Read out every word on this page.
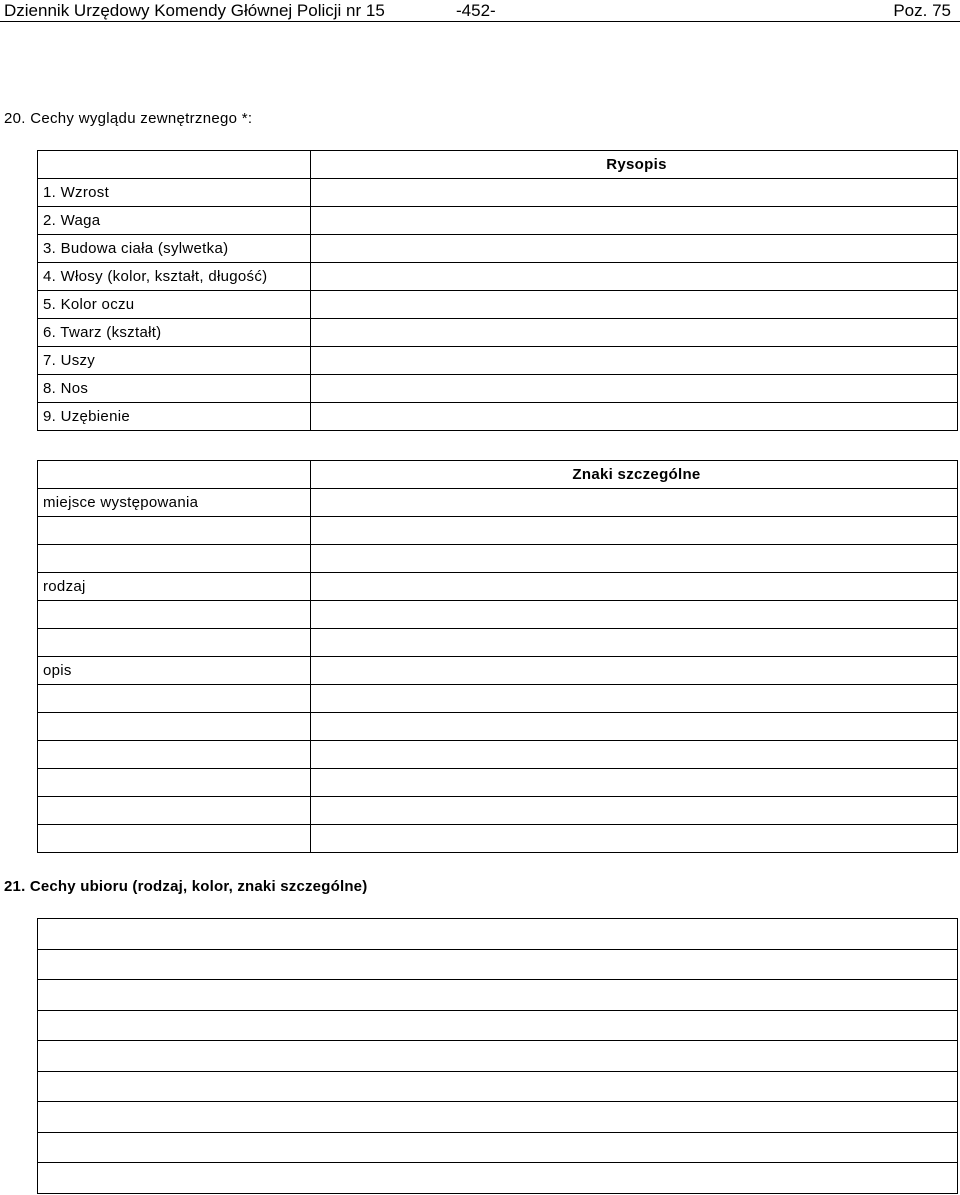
Dziennik Urzędowy Komendy Głównej Policji nr 15	-452-	Poz. 75
20. Cechy wyglądu zewnętrznego *:
	Rysopis
1. Wzrost	
2. Waga	
3. Budowa ciała (sylwetka)	
4. Włosy (kolor, kształt, długość)	
5. Kolor oczu	
6. Twarz (kształt)	
7. Uszy	
8. Nos	
9. Uzębienie	
	Znaki szczególne
miejsce występowania	

rodzaj	

opis	

21. Cechy ubioru (rodzaj, kolor, znaki szczególne)
